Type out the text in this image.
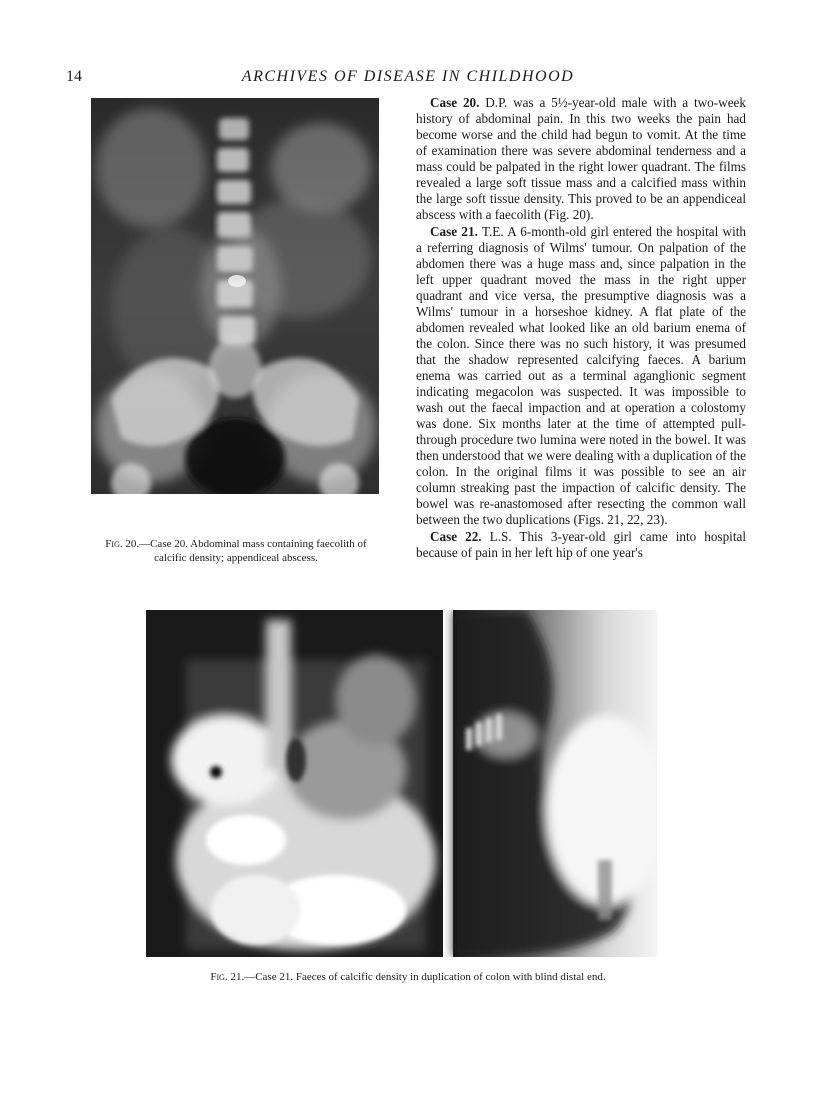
14	ARCHIVES OF DISEASE IN CHILDHOOD
Fig. 20.—Case 20. Abdominal mass containing faecolith of
calcific density; appendiceal abscess.

Case 20. D.P. was a 5½-year-old male with a two-week history of abdominal pain. In this two weeks the pain had become worse and the child had begun to vomit. At the time of examination there was severe abdominal tenderness and a mass could be palpated in the right lower quadrant. The films revealed a large soft tissue mass and a calcified mass within the large soft tissue density. This proved to be an appendiceal abscess with a faecolith (Fig. 20).

Case 21. T.E. A 6-month-old girl entered the hospital with a referring diagnosis of Wilms' tumour. On palpation of the abdomen there was a huge mass and, since palpation in the left upper quadrant moved the mass in the right upper quadrant and vice versa, the presumptive diagnosis was a Wilms' tumour in a horseshoe kidney. A flat plate of the abdomen revealed what looked like an old barium enema of the colon. Since there was no such history, it was presumed that the shadow represented calcifying faeces. A barium enema was carried out as a terminal aganglionic segment indicating megacolon was suspected. It was impossible to wash out the faecal impaction and at operation a colostomy was done. Six months later at the time of attempted pull-through procedure two lumina were noted in the bowel. It was then understood that we were dealing with a duplication of the colon. In the original films it was possible to see an air column streaking past the impaction of calcific density. The bowel was re-anastomosed after resecting the common wall between the two duplications (Figs. 21, 22, 23).

Case 22. L.S. This 3-year-old girl came into hospital because of pain in her left hip of one year's

Fig. 21.—Case 21. Faeces of calcific density in duplication of colon with blind distal end.
